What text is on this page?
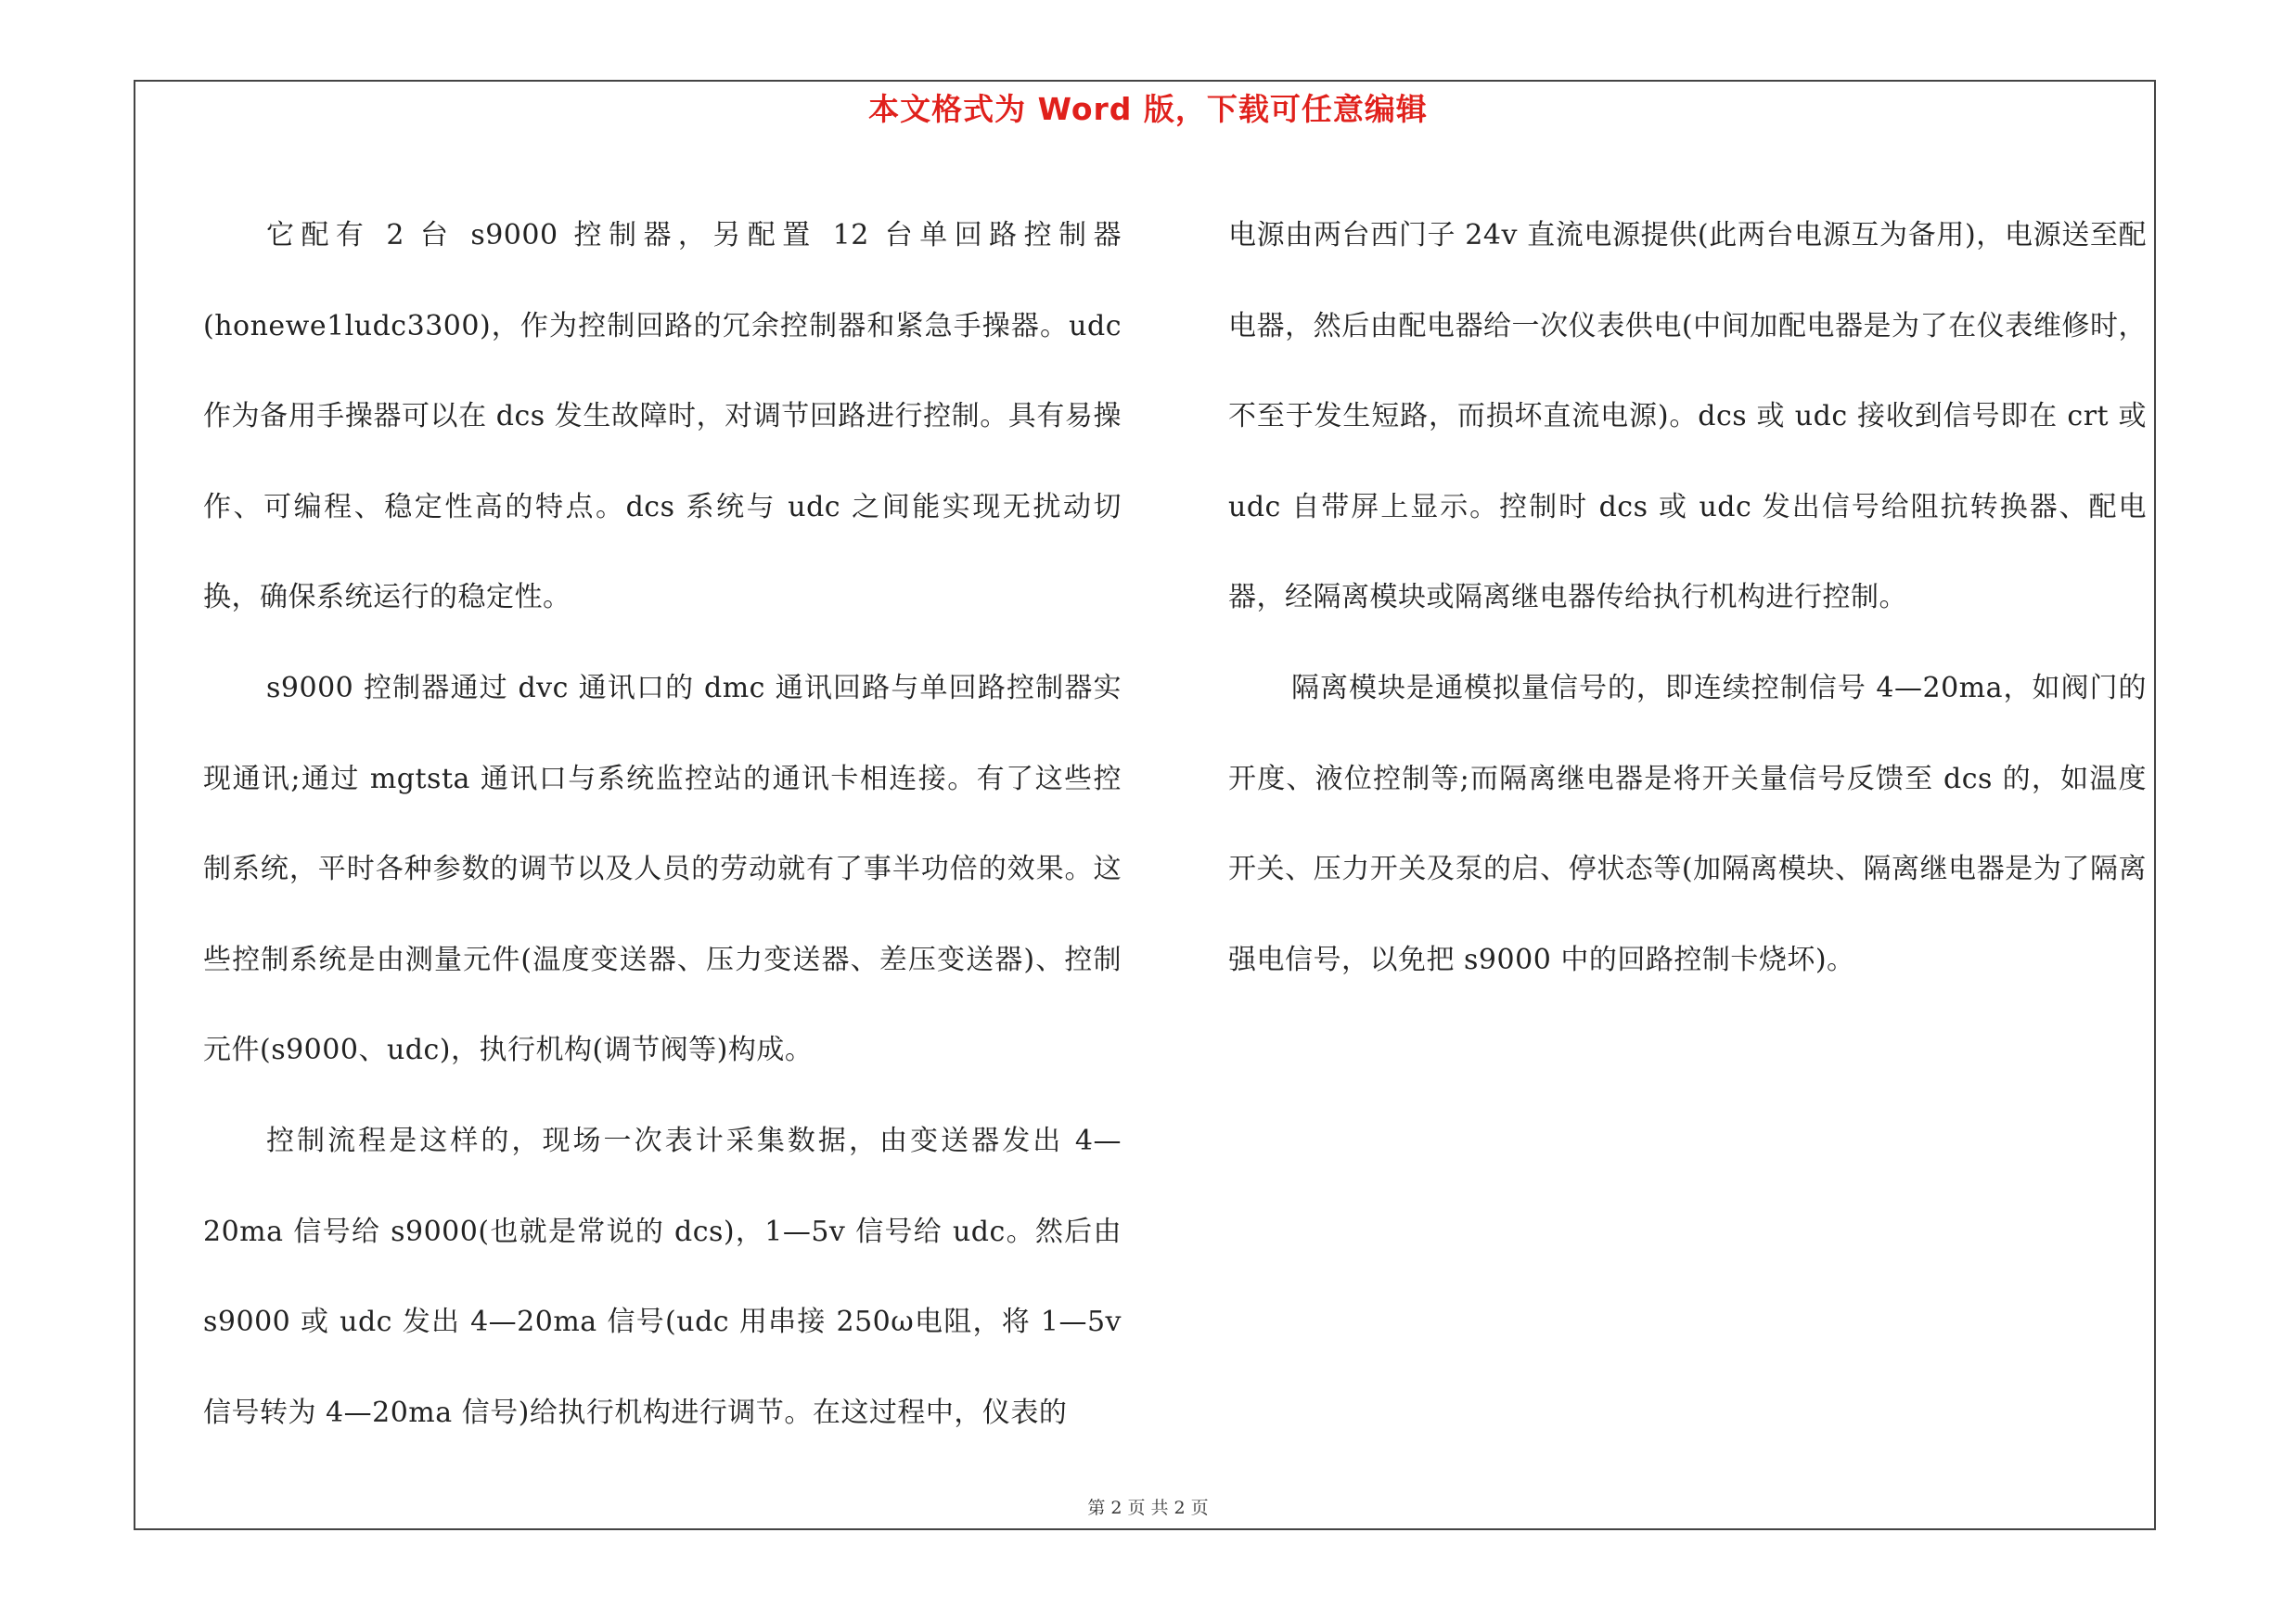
本文格式为 Word 版，下载可任意编辑

它配有 2 台 s9000 控制器，另配置 12 台单回路控制器(honewe1ludc3300)，作为控制回路的冗余控制器和紧急手操器。udc 作为备用手操器可以在 dcs 发生故障时，对调节回路进行控制。具有易操作、可编程、稳定性高的特点。dcs 系统与 udc 之间能实现无扰动切换，确保系统运行的稳定性。

s9000 控制器通过 dvc 通讯口的 dmc 通讯回路与单回路控制器实现通讯;通过 mgtsta 通讯口与系统监控站的通讯卡相连接。有了这些控制系统，平时各种参数的调节以及人员的劳动就有了事半功倍的效果。这些控制系统是由测量元件(温度变送器、压力变送器、差压变送器)、控制元件(s9000、udc)，执行机构(调节阀等)构成。

控制流程是这样的，现场一次表计采集数据，由变送器发出 4—20ma 信号给 s9000(也就是常说的 dcs)，1—5v 信号给 udc。然后由 s9000 或 udc 发出 4—20ma 信号(udc 用串接 250ω电阻，将 1—5v 信号转为 4—20ma 信号)给执行机构进行调节。在这过程中，仪表的

电源由两台西门子 24v 直流电源提供(此两台电源互为备用)，电源送至配电器，然后由配电器给一次仪表供电(中间加配电器是为了在仪表维修时，不至于发生短路，而损坏直流电源)。dcs 或 udc 接收到信号即在 crt 或 udc 自带屏上显示。控制时 dcs 或 udc 发出信号给阻抗转换器、配电器，经隔离模块或隔离继电器传给执行机构进行控制。

隔离模块是通模拟量信号的，即连续控制信号 4—20ma，如阀门的开度、液位控制等;而隔离继电器是将开关量信号反馈至 dcs 的，如温度开关、压力开关及泵的启、停状态等(加隔离模块、隔离继电器是为了隔离强电信号，以免把 s9000 中的回路控制卡烧坏)。

第 2 页 共 2 页
